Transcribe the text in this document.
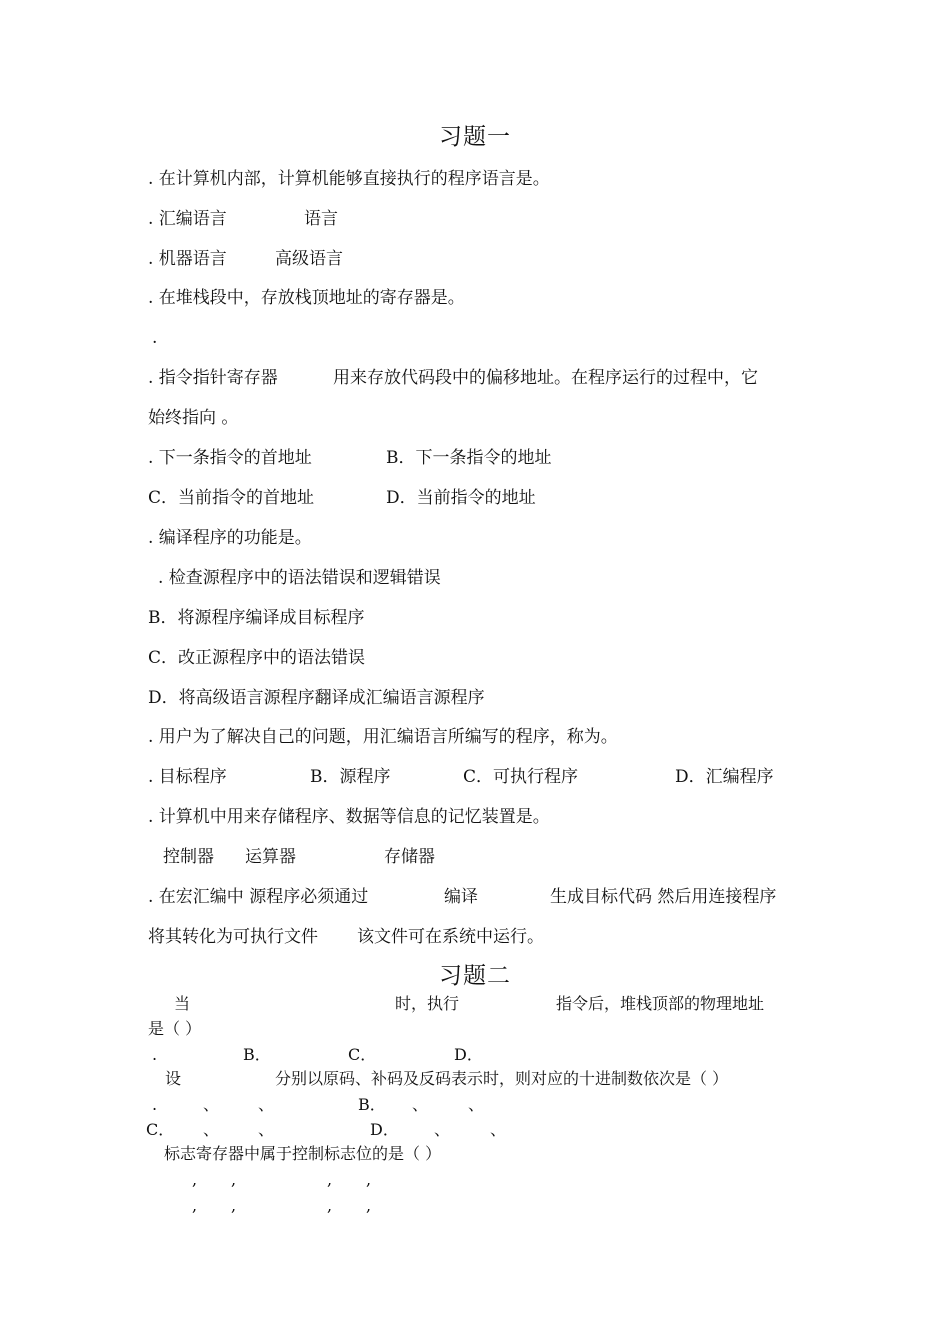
习题一
. 在计算机内部，计算机能够直接执行的程序语言是。
. 汇编语言	语言
. 机器语言	高级语言
. 在堆栈段中，存放栈顶地址的寄存器是。
.
. 指令指针寄存器	用来存放代码段中的偏移地址。在程序运行的过程中，它
始终指向 。
. 下一条指令的首地址	B．下一条指令的地址
C．当前指令的首地址	D．当前指令的地址
. 编译程序的功能是。
. 检查源程序中的语法错误和逻辑错误
B．将源程序编译成目标程序
C．改正源程序中的语法错误
D．将高级语言源程序翻译成汇编语言源程序
. 用户为了解决自己的问题，用汇编语言所编写的程序，称为。
. 目标程序	B．源程序	C．可执行程序	D．汇编程序
. 计算机中用来存储程序、数据等信息的记忆装置是。
控制器 运算器	存储器
. 在宏汇编中 源程序必须通过	编译	生成目标代码 然后用连接程序
将其转化为可执行文件 该文件可在系统中运行。
习题二
当	时，执行	指令后，堆栈顶部的物理地址
是（ ）
.	B．	C．	D．
设	分别以原码、补码及反码表示时，则对应的十进制数依次是（ ）
.	、 、	B． 、 、
C． 、 、	D． 、 、
标志寄存器中属于控制标志位的是（ ）
, ,	, ,
, ,	, ,
